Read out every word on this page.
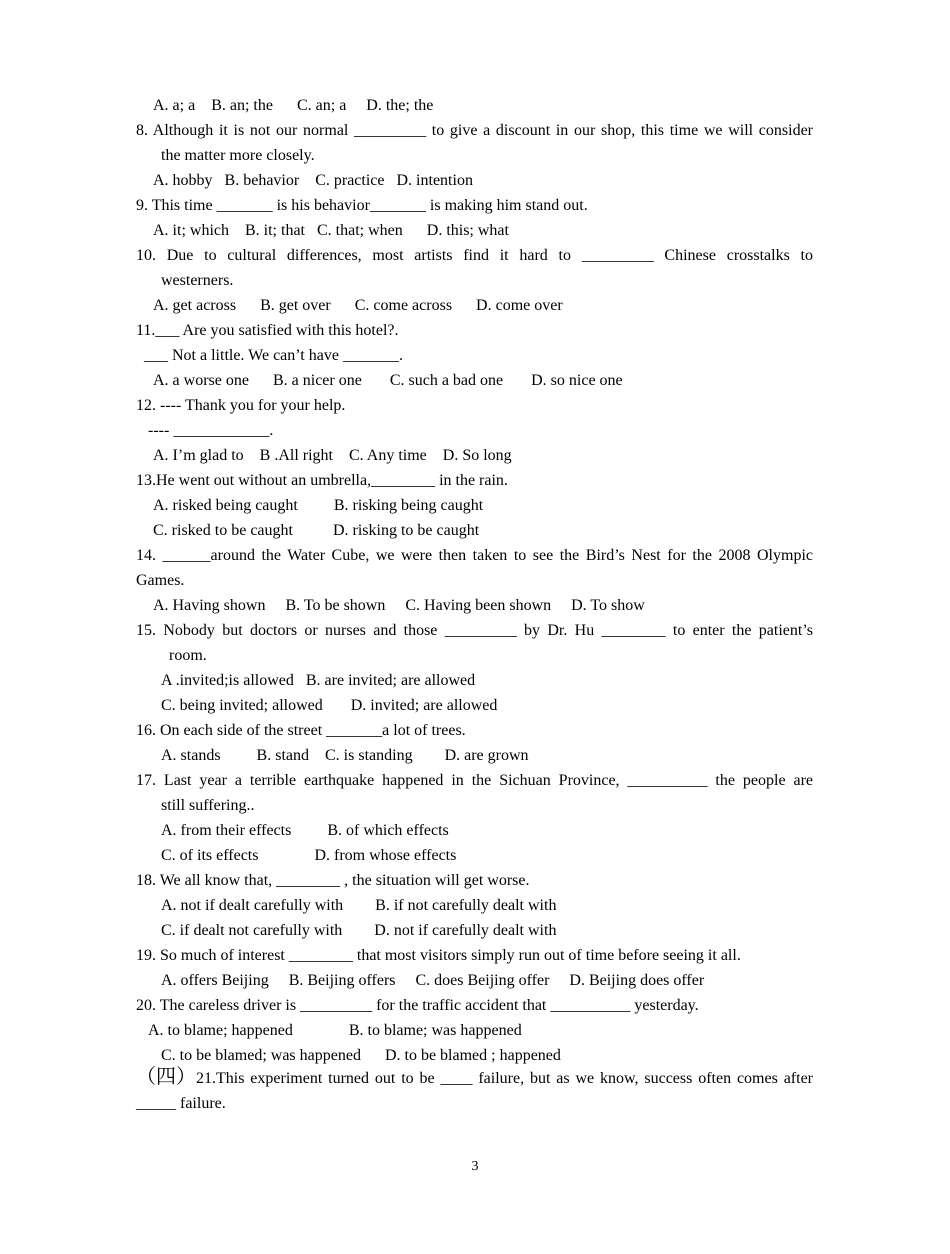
A. a; a    B. an; the      C. an; a     D. the; the
8. Although it is not our normal _________ to give a discount in our shop, this time we will consider
the matter more closely.
A. hobby   B. behavior    C. practice   D. intention
9. This time _______ is his behavior_______ is making him stand out.
A. it; which    B. it; that   C. that; when      D. this; what
10. Due to cultural differences, most artists find it hard to _________ Chinese crosstalks to
westerners.
A. get across      B. get over      C. come across      D. come over
11.___ Are you satisfied with this hotel?.
___ Not a little. We can’t have _______.
A. a worse one      B. a nicer one       C. such a bad one       D. so nice one
12. ---- Thank you for your help.
---- ____________.
A. I’m glad to    B .All right    C. Any time    D. So long
13.He went out without an umbrella,________ in the rain.
A. risked being caught         B. risking being caught
C. risked to be caught          D. risking to be caught
14. ______around the Water Cube, we were then taken to see the Bird’s Nest for the 2008 Olympic
Games.
A. Having shown     B. To be shown     C. Having been shown     D. To show
15. Nobody but doctors or nurses and those _________ by Dr. Hu ________ to enter the patient’s
room.
A .invited;is allowed   B. are invited; are allowed
C. being invited; allowed       D. invited; are allowed
16. On each side of the street _______a lot of trees.
A. stands         B. stand    C. is standing        D. are grown
17. Last year a terrible earthquake happened in the Sichuan Province, __________ the people are
still suffering..
A. from their effects         B. of which effects
C. of its effects              D. from whose effects
18. We all know that, ________ , the situation will get worse.
A. not if dealt carefully with        B. if not carefully dealt with
C. if dealt not carefully with        D. not if carefully dealt with
19. So much of interest ________ that most visitors simply run out of time before seeing it all.
A. offers Beijing     B. Beijing offers     C. does Beijing offer     D. Beijing does offer
20. The careless driver is _________ for the traffic accident that __________ yesterday.
A. to blame; happened              B. to blame; was happened
C. to be blamed; was happened      D. to be blamed ; happened
（四） 21.This experiment turned out to be ____ failure, but as we know, success often comes after
_____ failure.
3
